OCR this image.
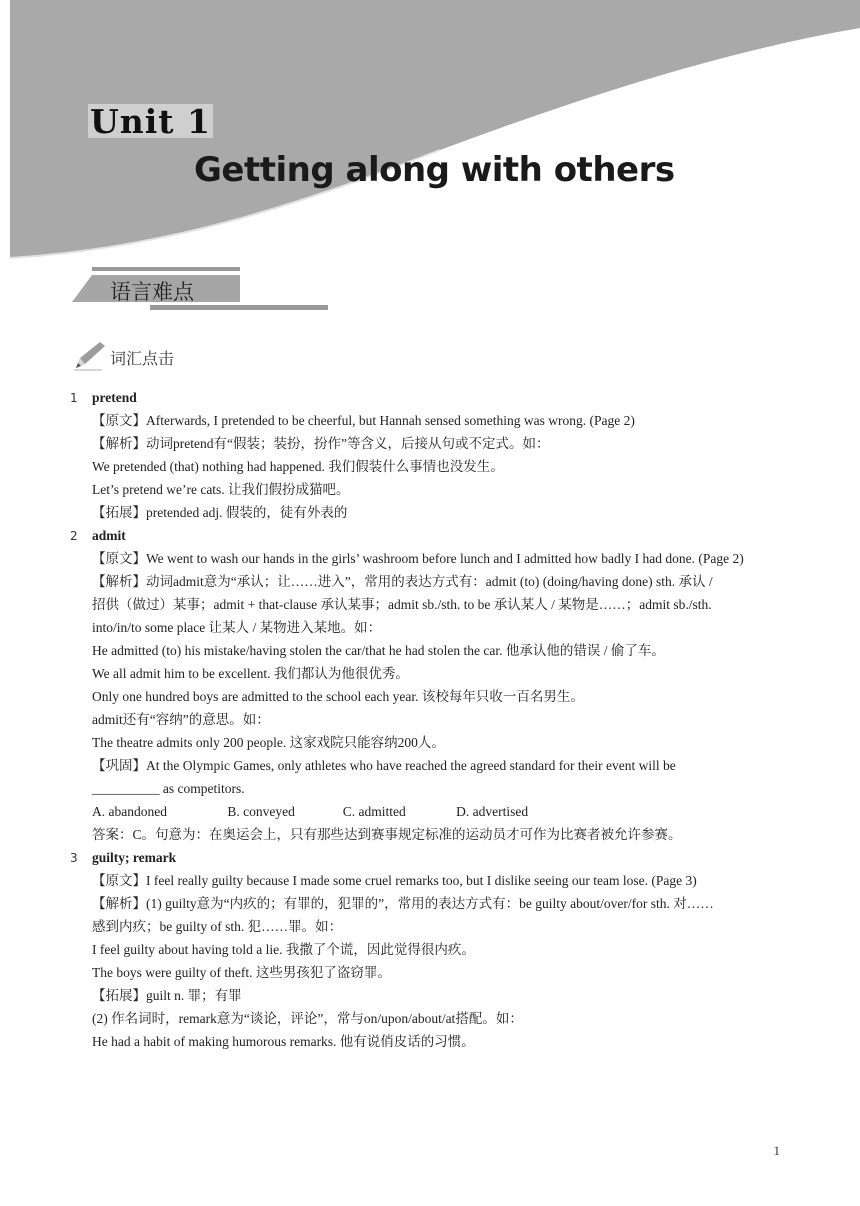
Unit 1
Getting along with others
语言难点
词汇点击
1 pretend
【原文】Afterwards, I pretended to be cheerful, but Hannah sensed something was wrong. (Page 2)
【解析】动词pretend有“假装；装扮，扮作”等含义，后接从句或不定式。如：
We pretended (that) nothing had happened. 我们假装什么事情也没发生。
Let’s pretend we’re cats. 让我们假扮成猫吧。
【拓展】pretended adj. 假装的，徒有外表的
2 admit
【原文】We went to wash our hands in the girls’ washroom before lunch and I admitted how badly I had done. (Page 2)
【解析】动词admit意为“承认；让……进入”，常用的表达方式有：admit (to) (doing/having done) sth. 承认 /
招供（做过）某事；admit + that-clause 承认某事；admit sb./sth. to be 承认某人 / 某物是……；admit sb./sth.
into/in/to some place 让某人 / 某物进入某地。如：
He admitted (to) his mistake/having stolen the car/that he had stolen the car. 他承认他的错误 / 偷了车。
We all admit him to be excellent. 我们都认为他很优秀。
Only one hundred boys are admitted to the school each year. 该校每年只收一百名男生。
admit还有“容纳”的意思。如：
The theatre admits only 200 people. 这家戏院只能容纳200人。
【巩固】At the Olympic Games, only athletes who have reached the agreed standard for their event will be
__________ as competitors.
A. abandoned	B. conveyed	C. admitted	D. advertised
答案：C。句意为：在奥运会上，只有那些达到赛事规定标准的运动员才可作为比赛者被允许参赛。
3 guilty; remark
【原文】I feel really guilty because I made some cruel remarks too, but I dislike seeing our team lose. (Page 3)
【解析】(1) guilty意为“内疚的；有罪的，犯罪的”，常用的表达方式有：be guilty about/over/for sth. 对……
感到内疚；be guilty of sth. 犯……罪。如：
I feel guilty about having told a lie. 我撒了个谎，因此觉得很内疚。
The boys were guilty of theft. 这些男孩犯了盗窃罪。
【拓展】guilt n. 罪；有罪
(2) 作名词时，remark意为“谈论，评论”，常与on/upon/about/at搭配。如：
He had a habit of making humorous remarks. 他有说俏皮话的习惯。
1
